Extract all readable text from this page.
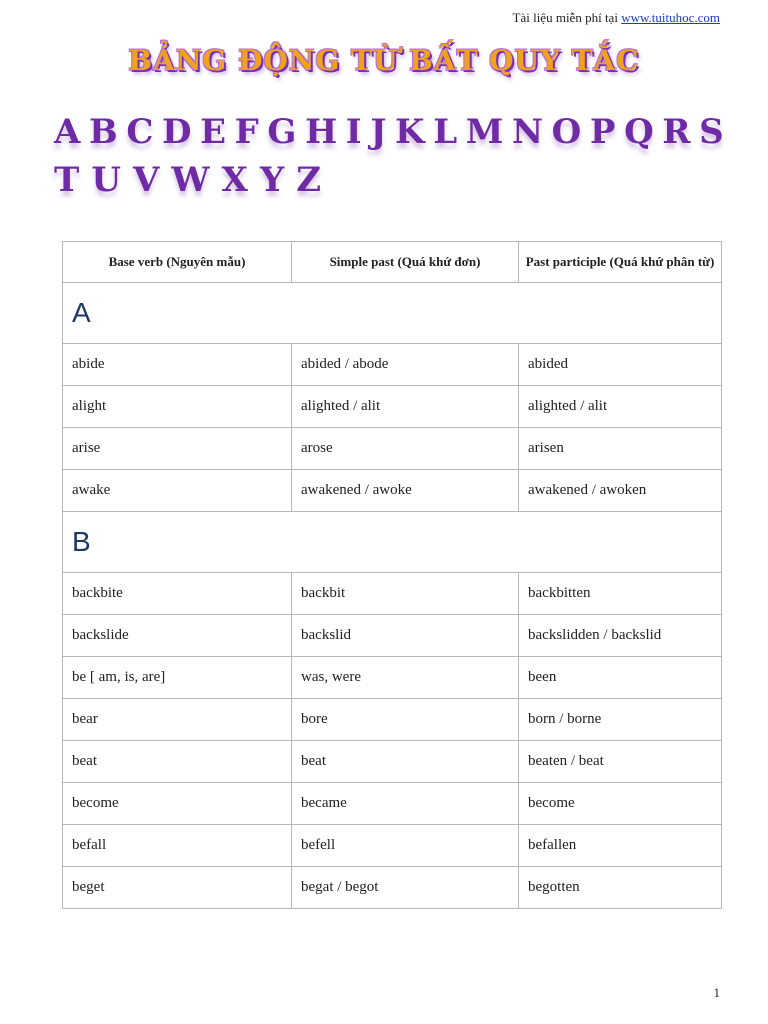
Tài liệu miễn phí tại www.tuituhoc.com
BẢNG ĐỘNG TỪ BẤT QUY TẮC
A B C D E F G H I J K L M N O P Q R S
T U V W X Y Z
Base verb (Nguyên mẫu)	Simple past (Quá khứ đơn)	Past participle (Quá khứ phân từ)
A		
abide	abided / abode	abided
alight	alighted / alit	alighted / alit
arise	arose	arisen
awake	awakened / awoke	awakened / awoken
B		
backbite	backbit	backbitten
backslide	backslid	backslidden / backslid
be [ am, is, are]	was, were	been
bear	bore	born / borne
beat	beat	beaten / beat
become	became	become
befall	befell	befallen
beget	begat / begot	begotten
1
